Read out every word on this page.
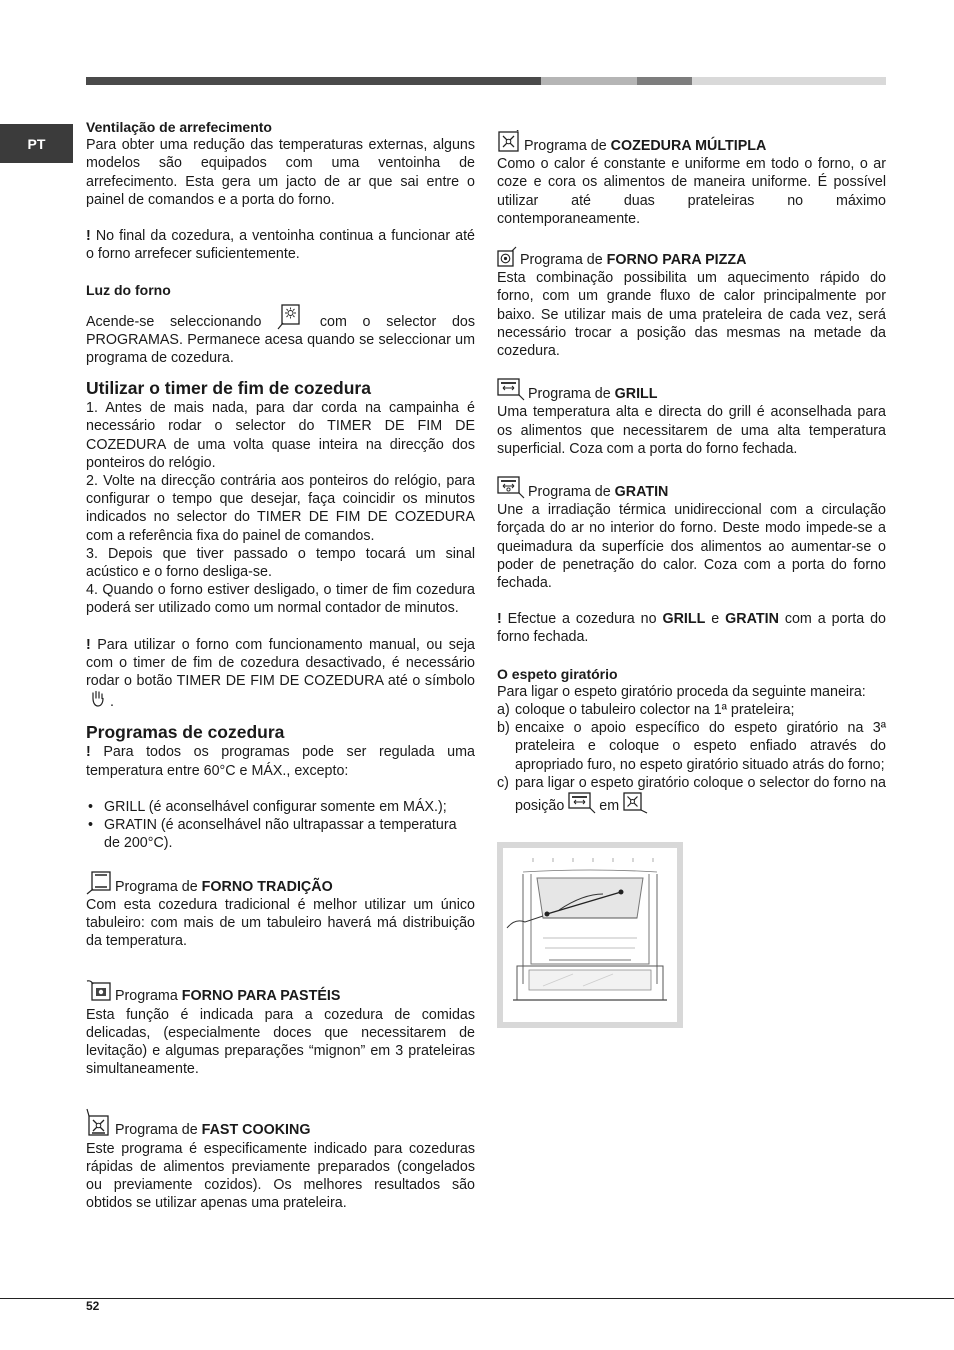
PT

Ventilação de arrefecimento

Para obter uma redução das temperaturas externas, alguns modelos são equipados com uma ventoinha de arrefecimento. Esta gera um jacto de ar que sai entre o painel de comandos e a porta do forno.

! No final da cozedura, a ventoinha continua a funcionar até o forno arrefecer suficientemente.

Luz do forno

Acende-se seleccionando	com o selector dos PROGRAMAS. Permanece acesa quando se seleccionar um programa de cozedura.

Utilizar o timer de fim de cozedura

1. Antes de mais nada, para dar corda na campainha é necessário rodar o selector do TIMER DE FIM DE COZEDURA de uma volta quase inteira na direcção dos ponteiros do relógio.

2. Volte na direcção contrária aos ponteiros do relógio, para configurar o tempo que desejar, faça coincidir os minutos indicados no selector do TIMER DE FIM DE COZEDURA com a referência fixa do painel de comandos.

3. Depois que tiver passado o tempo tocará um sinal acústico e o forno desliga-se.

4. Quando o forno estiver desligado, o timer de fim cozedura poderá ser utilizado como um normal contador de minutos.

! Para utilizar o forno com funcionamento manual, ou seja com o timer de fim de cozedura desactivado, é necessário rodar o botão TIMER DE FIM DE COZEDURA até o símbolo.

Programas de cozedura

! Para todos os programas pode ser regulada uma temperatura entre 60°C e MÁX., excepto:

• GRILL (é aconselhável configurar somente em MÁX.);
• GRATIN (é aconselhável não ultrapassar a temperatura de 200°C).

Programa de FORNO TRADIÇÃO

Com esta cozedura tradicional é melhor utilizar um único tabuleiro: com mais de um tabuleiro haverá má distribuição da temperatura.

Programa FORNO PARA PASTÉIS

Esta função é indicada para a cozedura de comidas delicadas, (especialmente doces que necessitarem de levitação) e algumas preparações “mignon” em 3 prateleiras simultaneamente.

Programa de FAST COOKING

Este programa é especificamente indicado para cozeduras rápidas de alimentos previamente preparados (congelados ou previamente cozidos). Os melhores resultados são obtidos se utilizar apenas uma prateleira.

Programa de COZEDURA MÚLTIPLA

Como o calor é constante e uniforme em todo o forno, o ar coze e cora os alimentos de maneira uniforme. É possível utilizar até duas prateleiras no máximo contemporaneamente.

Programa de FORNO PARA PIZZA

Esta combinação possibilita um aquecimento rápido do forno, com um grande fluxo de calor principalmente por baixo. Se utilizar mais de uma prateleira de cada vez, será necessário trocar a posição das mesmas na metade da cozedura.

Programa de GRILL

Uma temperatura alta e directa do grill é aconselhada para os alimentos que necessitarem de uma alta temperatura superficial. Coza com a porta do forno fechada.

Programa de GRATIN

Une a irradiação térmica unidireccional com a circulação forçada do ar no interior do forno. Deste modo impede-se a queimadura da superfície dos alimentos ao aumentar-se o poder de penetração do calor. Coza com a porta do forno fechada.

! Efectue a cozedura no GRILL e GRATIN com a porta do forno fechada.

O espeto giratório

Para ligar o espeto giratório proceda da seguinte maneira:

a) coloque o tabuleiro colector na 1ª prateleira;
b) encaixe o apoio específico do espeto giratório na 3ª prateleira e coloque o espeto enfiado através do apropriado furo, no espeto giratório situado atrás do forno;
c) para ligar o espeto giratório coloque o selector do forno na posição em
52
